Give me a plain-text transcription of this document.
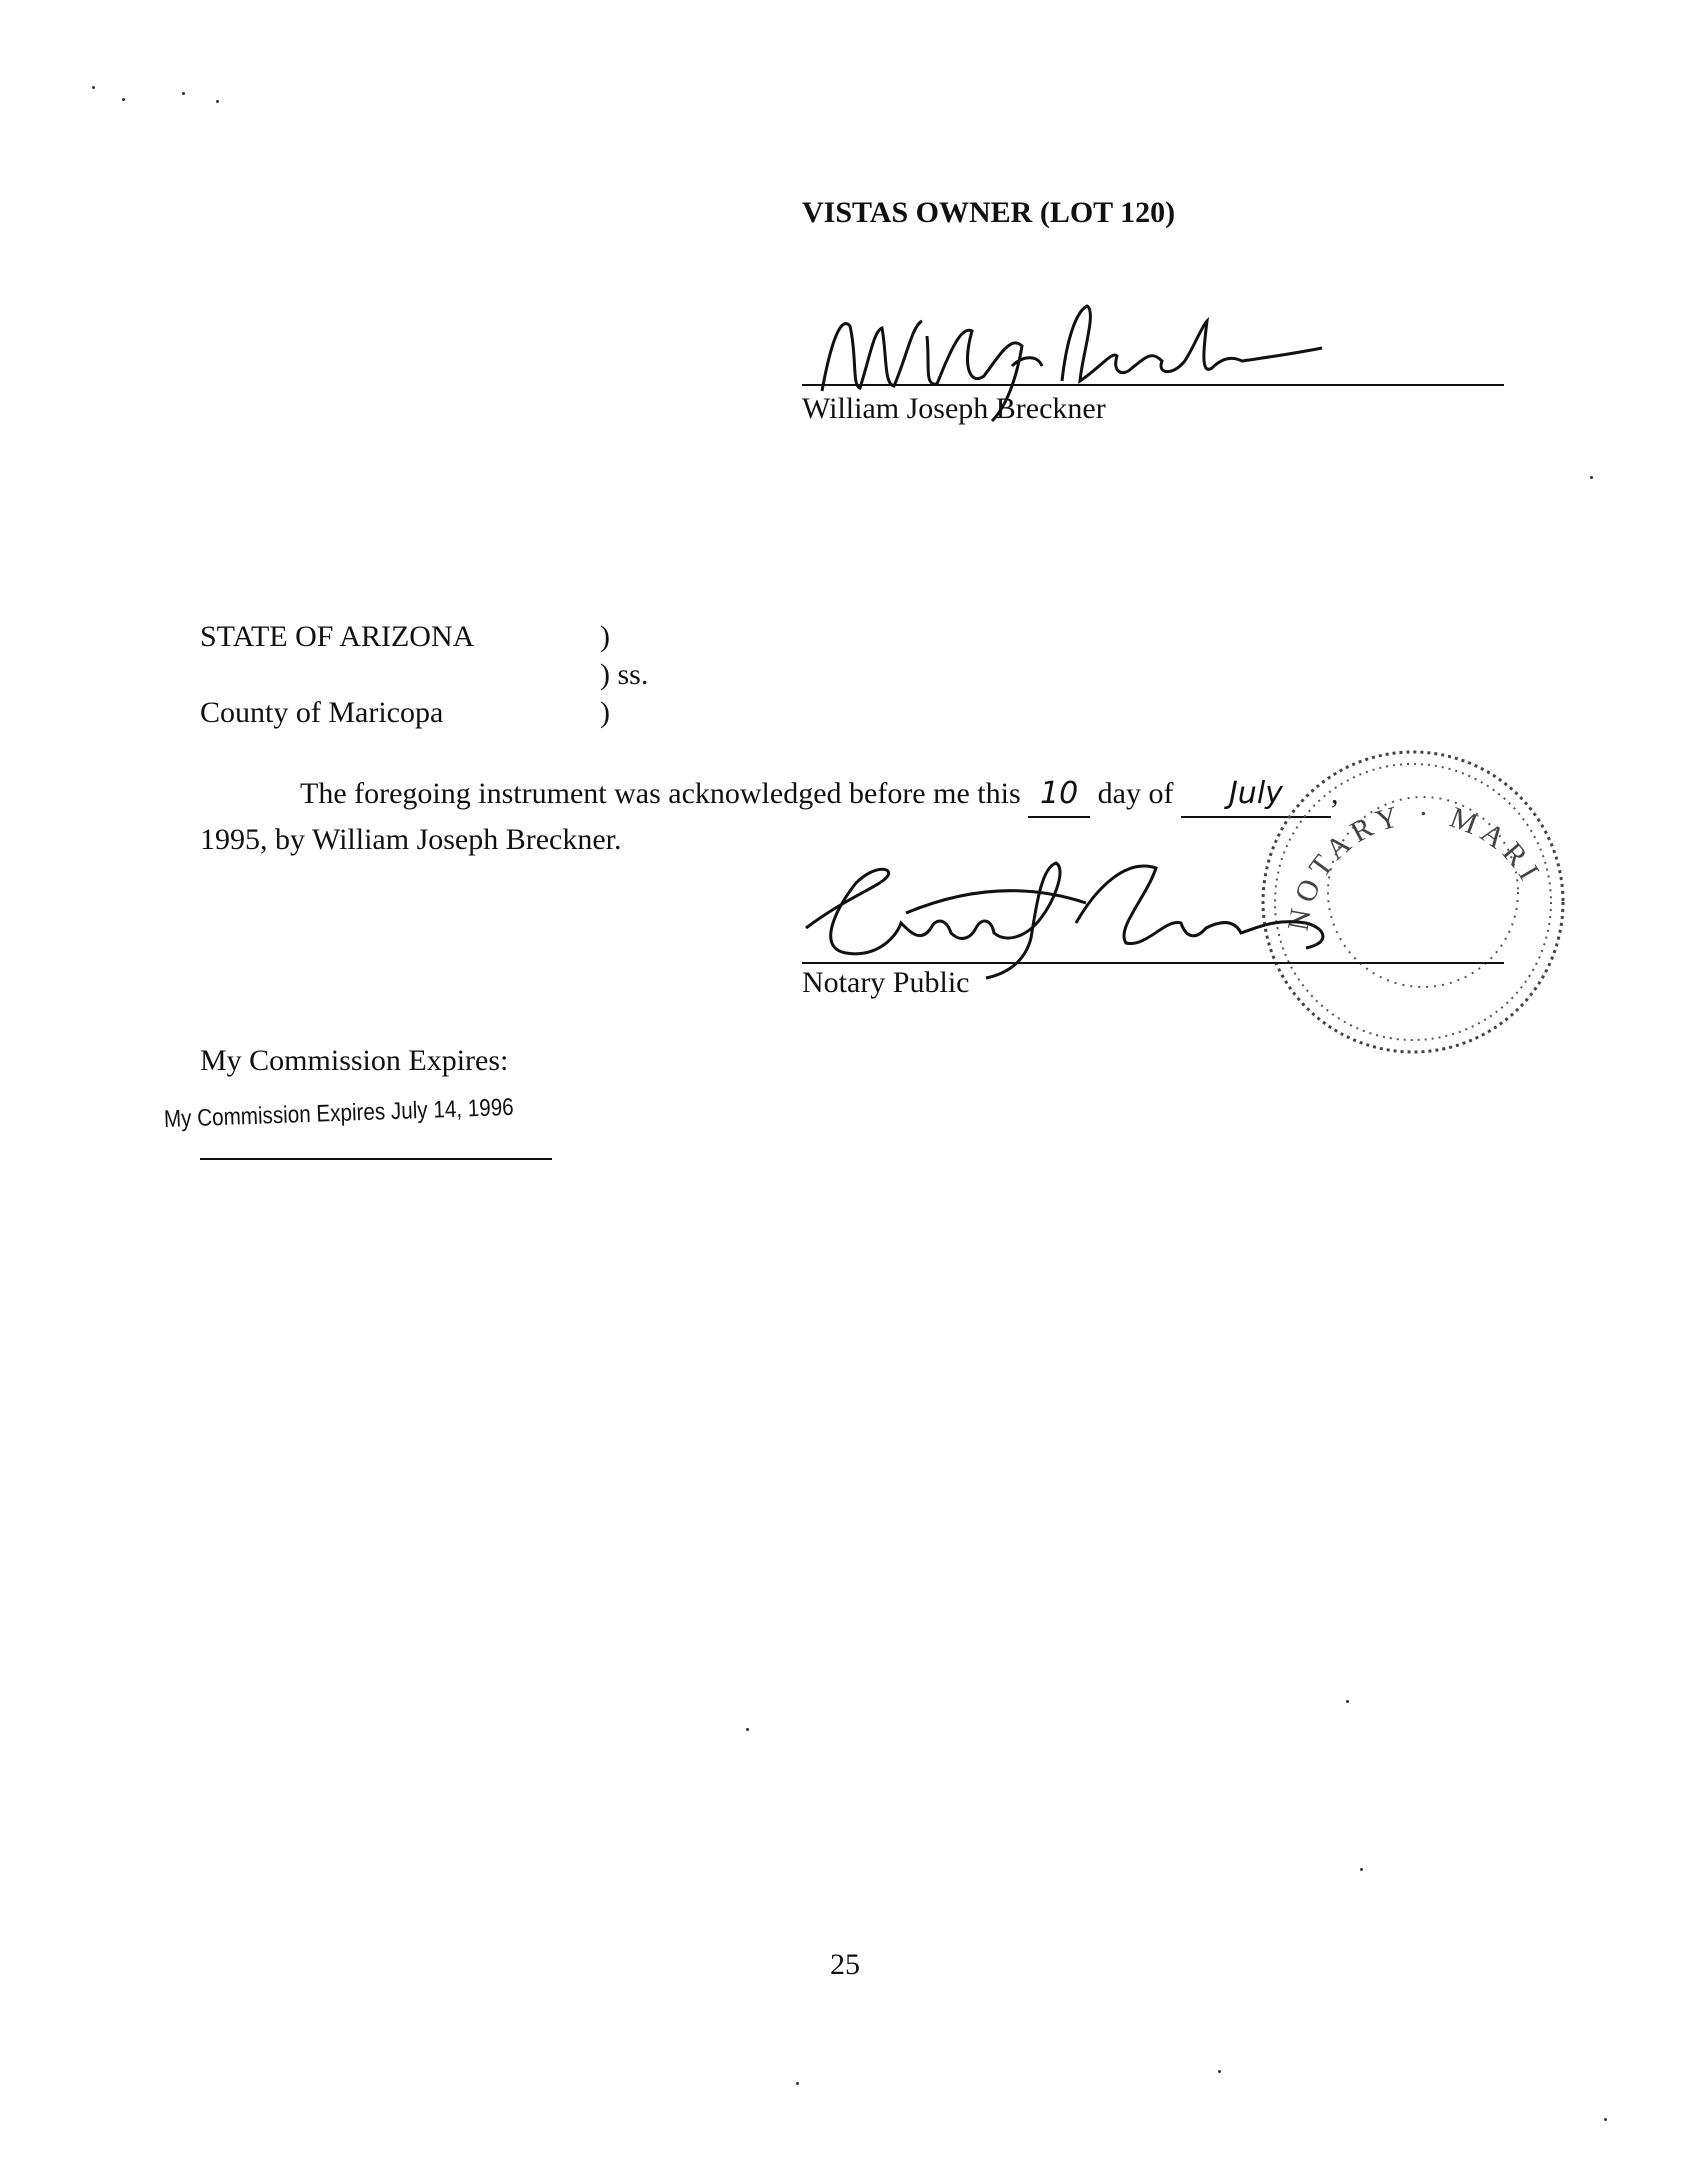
VISTAS OWNER (LOT 120)
William Joseph Breckner
STATE OF ARIZONA	)
) ss.
County of Maricopa	)
The foregoing instrument was acknowledged before me this 10 day of July ,
1995, by William Joseph Breckner.
NOTARY · MARICOPA CO.
Notary Public
My Commission Expires:
My Commission Expires July 14, 1996
25
